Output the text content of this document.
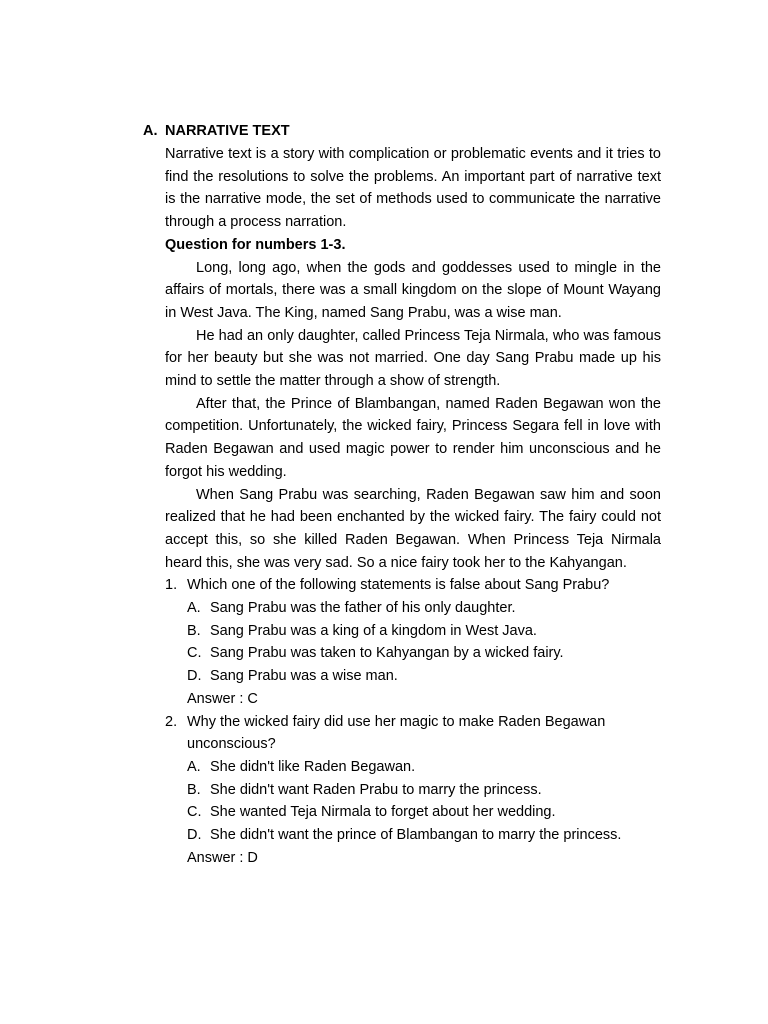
A. NARRATIVE TEXT

Narrative text is a story with complication or problematic events and it tries to find the resolutions to solve the problems. An important part of narrative text is the narrative mode, the set of methods used to communicate the narrative through a process narration.

Question for numbers 1-3.

Long, long ago, when the gods and goddesses used to mingle in the affairs of mortals, there was a small kingdom on the slope of Mount Wayang in West Java. The King, named Sang Prabu, was a wise man.

He had an only daughter, called Princess Teja Nirmala, who was famous for her beauty but she was not married. One day Sang Prabu made up his mind to settle the matter through a show of strength.

After that, the Prince of Blambangan, named Raden Begawan won the competition. Unfortunately, the wicked fairy, Princess Segara fell in love with Raden Begawan and used magic power to render him unconscious and he forgot his wedding.

When Sang Prabu was searching, Raden Begawan saw him and soon realized that he had been enchanted by the wicked fairy. The fairy could not accept this, so she killed Raden Begawan. When Princess Teja Nirmala heard this, she was very sad. So a nice fairy took her to the Kahyangan.

1. Which one of the following statements is false about Sang Prabu?
A. Sang Prabu was the father of his only daughter.
B. Sang Prabu was a king of a kingdom in West Java.
C. Sang Prabu was taken to Kahyangan by a wicked fairy.
D. Sang Prabu was a wise man.
Answer : C
2. Why the wicked fairy did use her magic to make Raden Begawan unconscious?
A. She didn't like Raden Begawan.
B. She didn't want Raden Prabu to marry the princess.
C. She wanted Teja Nirmala to forget about her wedding.
D. She didn't want the prince of Blambangan to marry the princess.
Answer : D
